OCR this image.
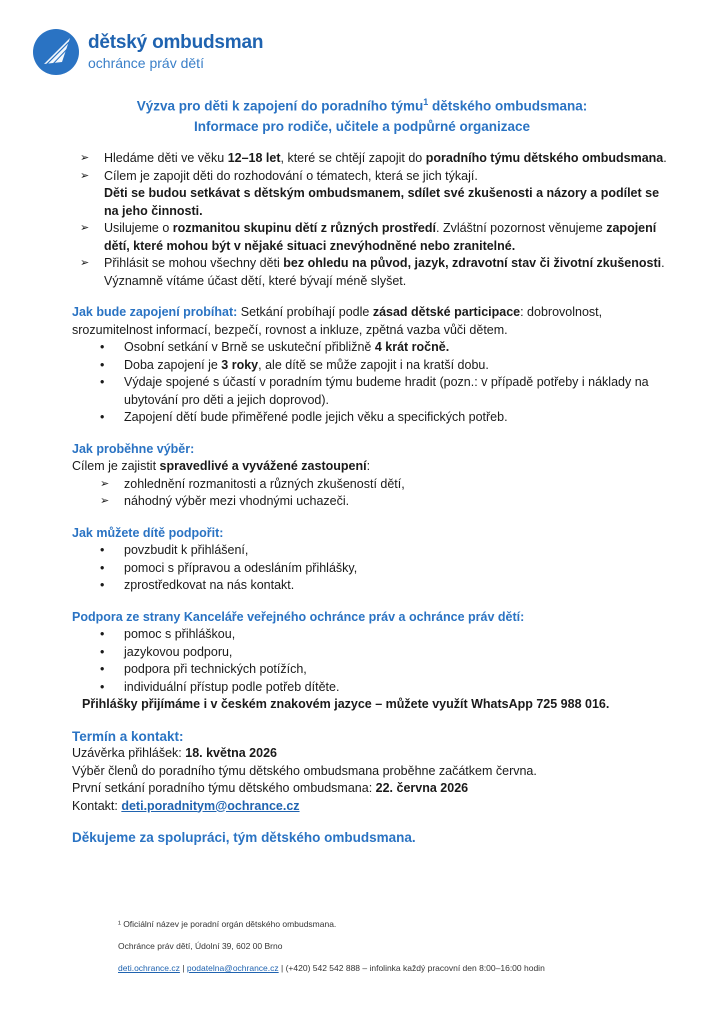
dětský ombudsman
ochránce práv dětí
Výzva pro děti k zapojení do poradního týmu$^1$ dětského ombudsmana:
Informace pro rodiče, učitele a podpůrné organizace
➢ Hledáme děti ve věku 12–18 let, které se chtějí zapojit do poradního týmu dětského ombudsmana.
➢ Cílem je zapojit děti do rozhodování o tématech, která se jich týkají.
Děti se budou setkávat s dětským ombudsmanem, sdílet své zkušenosti a názory a podílet se na jeho činnosti.
➢ Usilujeme o rozmanitou skupinu dětí z různých prostředí. Zvláštní pozornost věnujeme zapojení dětí, které mohou být v nějaké situaci znevýhodněné nebo zranitelné.
➢ Přihlásit se mohou všechny děti bez ohledu na původ, jazyk, zdravotní stav či životní zkušenosti. Významně vítáme účast dětí, které bývají méně slyšet.
Jak bude zapojení probíhat: Setkání probíhají podle zásad dětské participace: dobrovolnost, srozumitelnost informací, bezpečí, rovnost a inkluze, zpětná vazba vůči dětem.
• Osobní setkání v Brně se uskuteční přibližně 4 krát ročně.
• Doba zapojení je 3 roky, ale dítě se může zapojit i na kratší dobu.
• Výdaje spojené s účastí v poradním týmu budeme hradit (pozn.: v případě potřeby i náklady na ubytování pro děti a jejich doprovod).
• Zapojení dětí bude přiměřené podle jejich věku a specifických potřeb.
Jak proběhne výběr:
Cílem je zajistit spravedlivé a vyvážené zastoupení:
➢ zohlednění rozmanitosti a různých zkušeností dětí,
➢ náhodný výběr mezi vhodnými uchazeči.
Jak můžete dítě podpořit:
• povzbudit k přihlášení,
• pomoci s přípravou a odesláním přihlášky,
• zprostředkovat na nás kontakt.
Podpora ze strany Kanceláře veřejného ochránce práv a ochránce práv dětí:
• pomoc s přihláškou,
• jazykovou podporu,
• podpora při technických potížích,
• individuální přístup podle potřeb dítěte.
Přihlášky přijímáme i v českém znakovém jazyce – můžete využít WhatsApp 725 988 016.
Termín a kontakt:
Uzávěrka přihlášek: 18. května 2026
Výběr členů do poradního týmu dětského ombudsmana proběhne začátkem června.
První setkání poradního týmu dětského ombudsmana: 22. června 2026
Kontakt: deti.poradnitym@ochrance.cz
Děkujeme za spolupráci, tým dětského ombudsmana.

¹ Oficiální název je poradní orgán dětského ombudsmana.

Ochránce práv dětí, Údolní 39, 602 00 Brno

deti.ochrance.cz | podatelna@ochrance.cz | (+420) 542 542 888 – infolinka každý pracovní den 8:00–16:00 hodin
